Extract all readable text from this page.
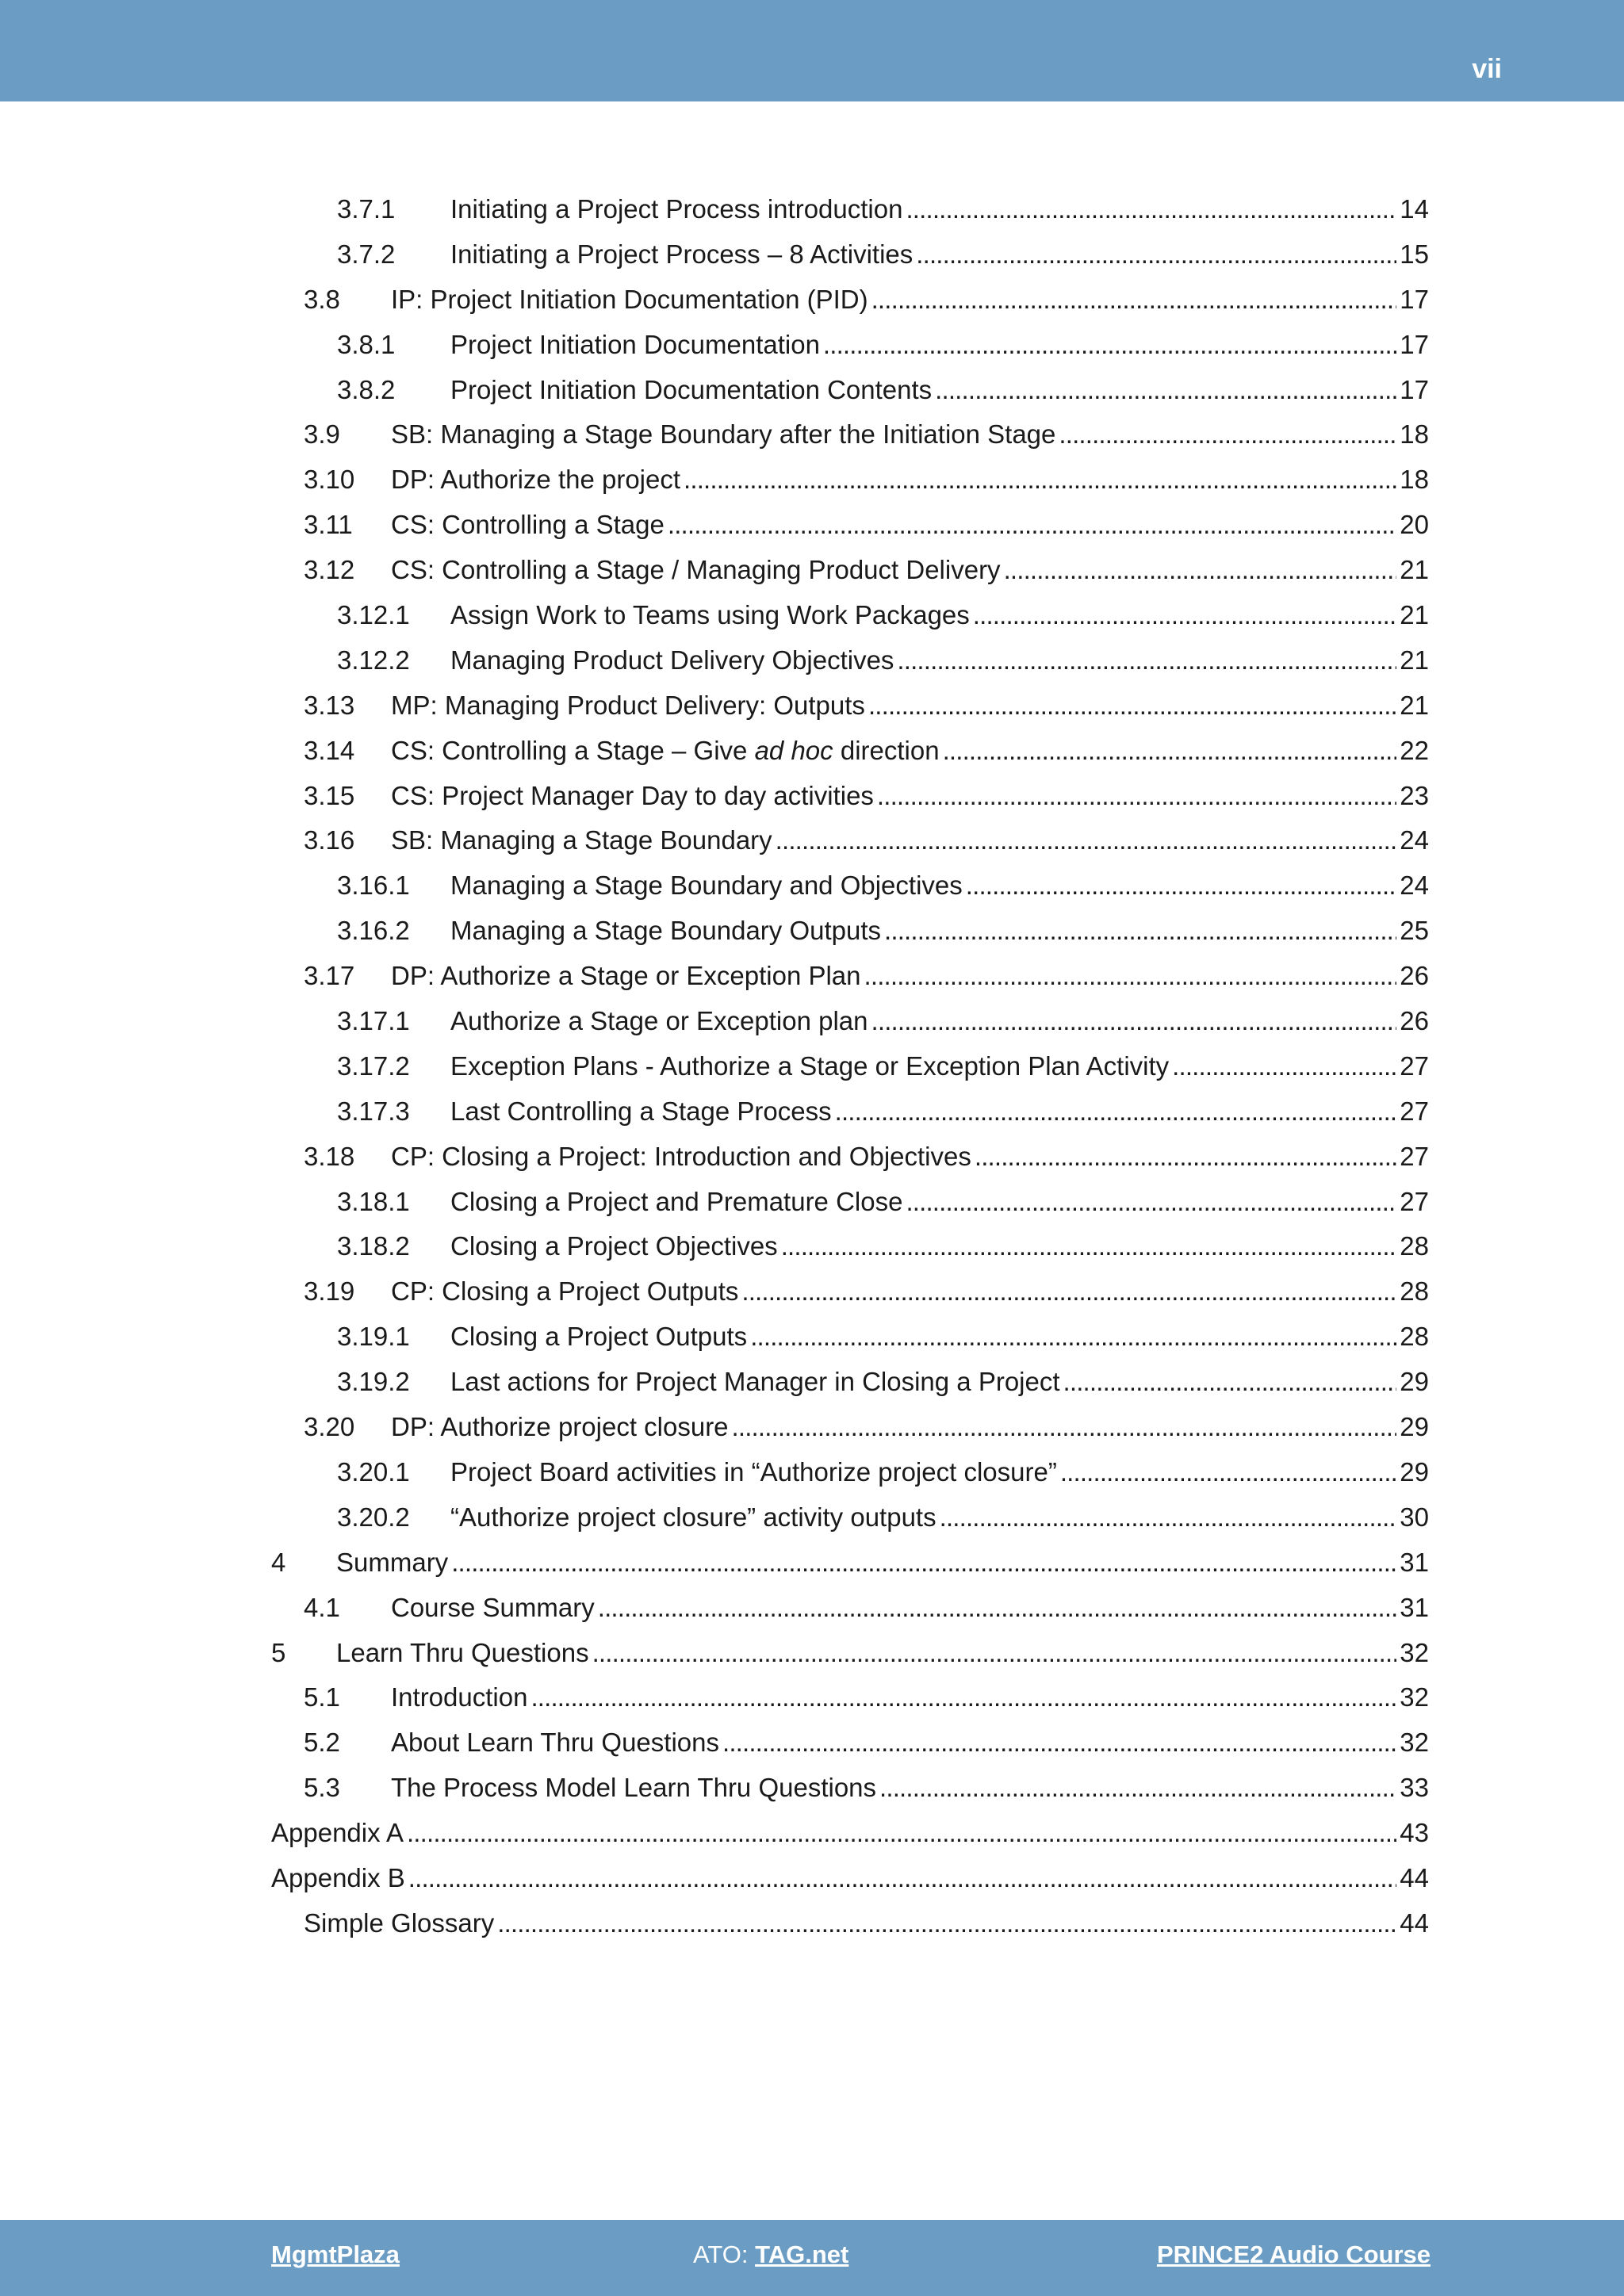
vii
3.7.1	Initiating a Project Process introduction . . .	14
3.7.2	Initiating a Project Process – 8 Activities . . .	15
3.8	IP: Project Initiation Documentation (PID) . . .	17
3.8.1	Project Initiation Documentation . . .	17
3.8.2	Project Initiation Documentation Contents . . .	17
3.9	SB: Managing a Stage Boundary after the Initiation Stage . . .	18
3.10	DP: Authorize the project . . .	18
3.11	CS: Controlling a Stage . . .	20
3.12	CS: Controlling a Stage / Managing Product Delivery . . .	21
3.12.1	Assign Work to Teams using Work Packages . . .	21
3.12.2	Managing Product Delivery Objectives . . .	21
3.13	MP: Managing Product Delivery: Outputs . . .	21
3.14	CS: Controlling a Stage – Give ad hoc direction . . .	22
3.15	CS: Project Manager Day to day activities . . .	23
3.16	SB: Managing a Stage Boundary . . .	24
3.16.1	Managing a Stage Boundary and Objectives . . .	24
3.16.2	Managing a Stage Boundary Outputs . . .	25
3.17	DP: Authorize a Stage or Exception Plan . . .	26
3.17.1	Authorize a Stage or Exception plan . . .	26
3.17.2	Exception Plans - Authorize a Stage or Exception Plan Activity . . .	27
3.17.3	Last Controlling a Stage Process . . .	27
3.18	CP: Closing a Project: Introduction and Objectives . . .	27
3.18.1	Closing a Project and Premature Close . . .	27
3.18.2	Closing a Project Objectives . . .	28
3.19	CP: Closing a Project Outputs . . .	28
3.19.1	Closing a Project Outputs . . .	28
3.19.2	Last actions for Project Manager in Closing a Project . . .	29
3.20	DP: Authorize project closure . . .	29
3.20.1	Project Board activities in “Authorize project closure” . . .	29
3.20.2	“Authorize project closure” activity outputs . . .	30
4	Summary . . .	31
4.1	Course Summary . . .	31
5	Learn Thru Questions . . .	32
5.1	Introduction . . .	32
5.2	About Learn Thru Questions . . .	32
5.3	The Process Model Learn Thru Questions . . .	33
Appendix A . . .	43
Appendix B . . .	44
Simple Glossary . . .	44
MgmtPlaza	ATO: TAG.net	PRINCE2 Audio Course
